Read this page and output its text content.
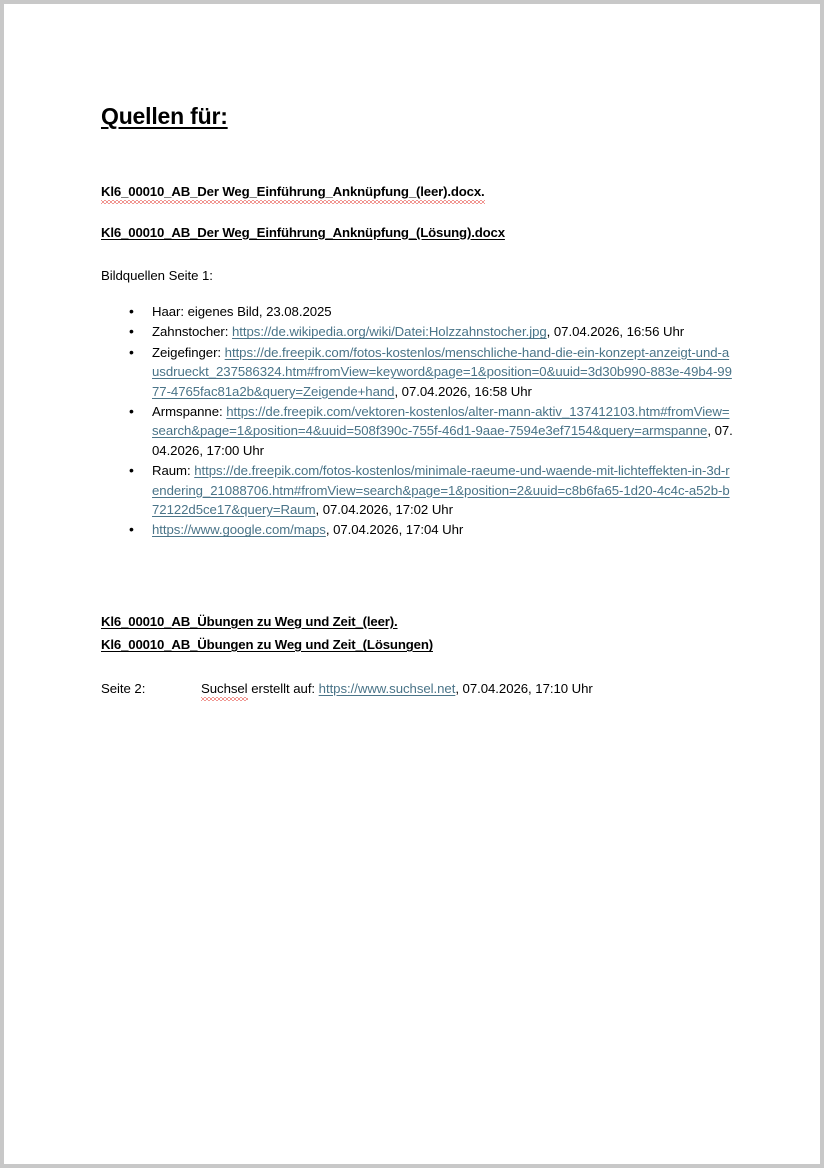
Quellen für:
Kl6_00010_AB_Der Weg_Einführung_Anknüpfung_(leer).docx.
Kl6_00010_AB_Der Weg_Einführung_Anknüpfung_(Lösung).docx
Bildquellen Seite 1:
• Haar: eigenes Bild, 23.08.2025
• Zahnstocher: https://de.wikipedia.org/wiki/Datei:Holzzahnstocher.jpg, 07.04.2026, 16:56 Uhr
• Zeigefinger: https://de.freepik.com/fotos-kostenlos/menschliche-hand-die-ein-konzept-anzeigt-und-ausdrueckt_237586324.htm#fromView=keyword&page=1&position=0&uuid=3d30b990-883e-49b4-9977-4765fac81a2b&query=Zeigende+hand, 07.04.2026, 16:58 Uhr
• Armspanne: https://de.freepik.com/vektoren-kostenlos/alter-mann-aktiv_137412103.htm#fromView=search&page=1&position=4&uuid=508f390c-755f-46d1-9aae-7594e3ef7154&query=armspanne, 07.04.2026, 17:00 Uhr
• Raum: https://de.freepik.com/fotos-kostenlos/minimale-raeume-und-waende-mit-lichteffekten-in-3d-rendering_21088706.htm#fromView=search&page=1&position=2&uuid=c8b6fa65-1d20-4c4c-a52b-b72122d5ce17&query=Raum, 07.04.2026, 17:02 Uhr
• https://www.google.com/maps, 07.04.2026, 17:04 Uhr
Kl6_00010_AB_Übungen zu Weg und Zeit_(leer).
Kl6_00010_AB_Übungen zu Weg und Zeit_(Lösungen)
Seite 2:	Suchsel erstellt auf: https://www.suchsel.net, 07.04.2026, 17:10 Uhr
